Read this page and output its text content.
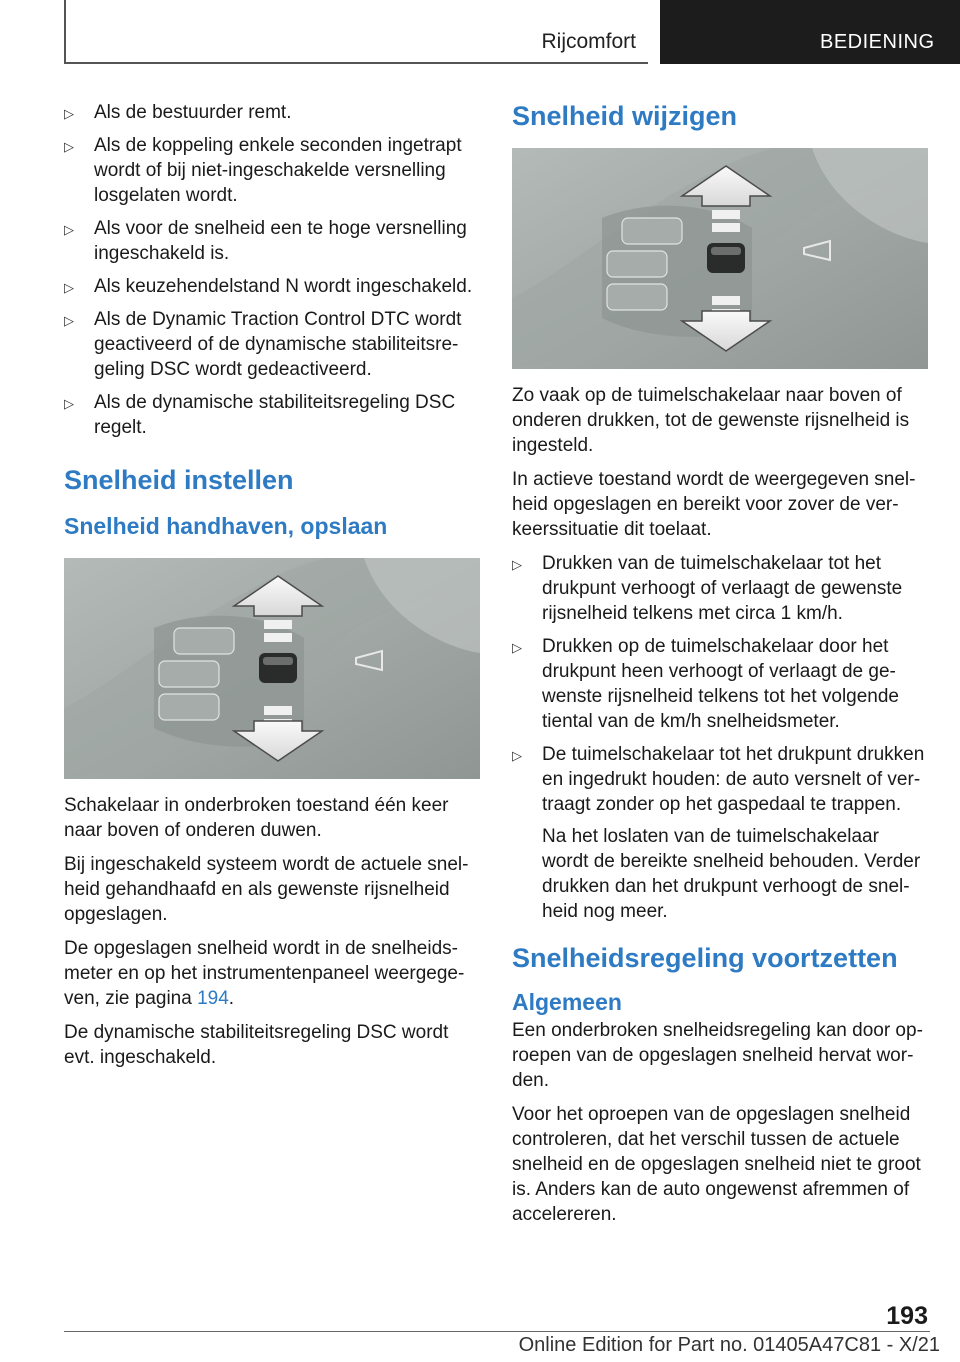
Rijcomfort	BEDIENING
▷ Als de bestuurder remt.
▷ Als de koppeling enkele seconden ingetrapt wordt of bij niet-ingeschakelde versnelling losgelaten wordt.
▷ Als voor de snelheid een te hoge versnelling ingeschakeld is.
▷ Als keuzehendelstand N wordt ingeschakeld.
▷ Als de Dynamic Traction Control DTC wordt geactiveerd of de dynamische stabiliteitsregeling DSC wordt gedeactiveerd.
▷ Als de dynamische stabiliteitsregeling DSC regelt.
Snelheid instellen
Snelheid handhaven, opslaan

Schakelaar in onderbroken toestand één keer naar boven of onderen duwen.

Bij ingeschakeld systeem wordt de actuele snelheid gehandhaafd en als gewenste rijsnelheid opgeslagen.

De opgeslagen snelheid wordt in de snelheidsmeter en op het instrumentenpaneel weergegeven, zie pagina 194.

De dynamische stabiliteitsregeling DSC wordt evt. ingeschakeld.

Snelheid wijzigen

Zo vaak op de tuimelschakelaar naar boven of onderen drukken, tot de gewenste rijsnelheid is ingesteld.

In actieve toestand wordt de weergegeven snelheid opgeslagen en bereikt voor zover de verkeerssituatie dit toelaat.

▷ Drukken van de tuimelschakelaar tot het drukpunt verhoogt of verlaagt de gewenste rijsnelheid telkens met circa 1 km/h.
▷ Drukken op de tuimelschakelaar door het drukpunt heen verhoogt of verlaagt de gewenste rijsnelheid telkens tot het volgende tiental van de km/h snelheidsmeter.
▷ De tuimelschakelaar tot het drukpunt drukken en ingedrukt houden: de auto versnelt of vertraagt zonder op het gaspedaal te trappen.
Na het loslaten van de tuimelschakelaar wordt de bereikte snelheid behouden. Verder drukken dan het drukpunt verhoogt de snelheid nog meer.
Snelheidsregeling voortzetten
Algemeen

Een onderbroken snelheidsregeling kan door oproepen van de opgeslagen snelheid hervat worden.

Voor het oproepen van de opgeslagen snelheid controleren, dat het verschil tussen de actuele snelheid en de opgeslagen snelheid niet te groot is. Anders kan de auto ongewenst afremmen of accelereren.

193
Online Edition for Part no. 01405A47C81 - X/21
